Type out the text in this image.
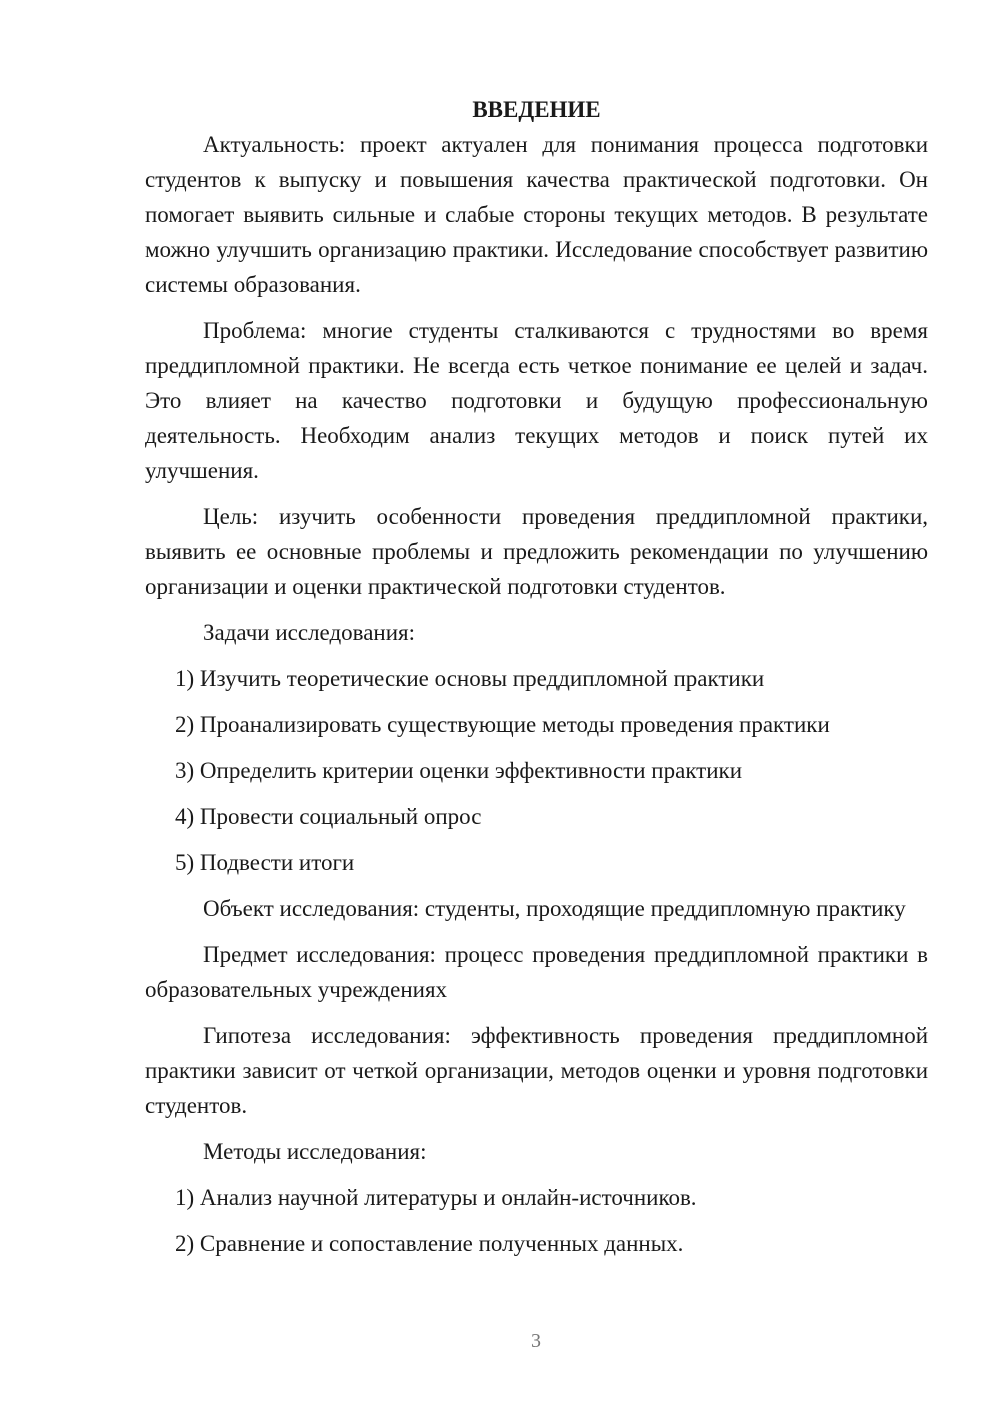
ВВЕДЕНИЕ

Актуальность: проект актуален для понимания процесса подготовки студентов к выпуску и повышения качества практической подготовки. Он помогает выявить сильные и слабые стороны текущих методов. В результате можно улучшить организацию практики. Исследование способствует развитию системы образования.

Проблема: многие студенты сталкиваются с трудностями во время преддипломной практики. Не всегда есть четкое понимание ее целей и задач. Это влияет на качество подготовки и будущую профессиональную деятельность. Необходим анализ текущих методов и поиск путей их улучшения.

Цель: изучить особенности проведения преддипломной практики, выявить ее основные проблемы и предложить рекомендации по улучшению организации и оценки практической подготовки студентов.

Задачи исследования:

1) Изучить теоретические основы преддипломной практики

2) Проанализировать существующие методы проведения практики

3) Определить критерии оценки эффективности практики

4) Провести социальный опрос

5) Подвести итоги

Объект исследования: студенты, проходящие преддипломную практику

Предмет исследования: процесс проведения преддипломной практики в образовательных учреждениях

Гипотеза исследования: эффективность проведения преддипломной практики зависит от четкой организации, методов оценки и уровня подготовки студентов.

Методы исследования:

1) Анализ научной литературы и онлайн-источников.

2) Сравнение и сопоставление полученных данных.

3
